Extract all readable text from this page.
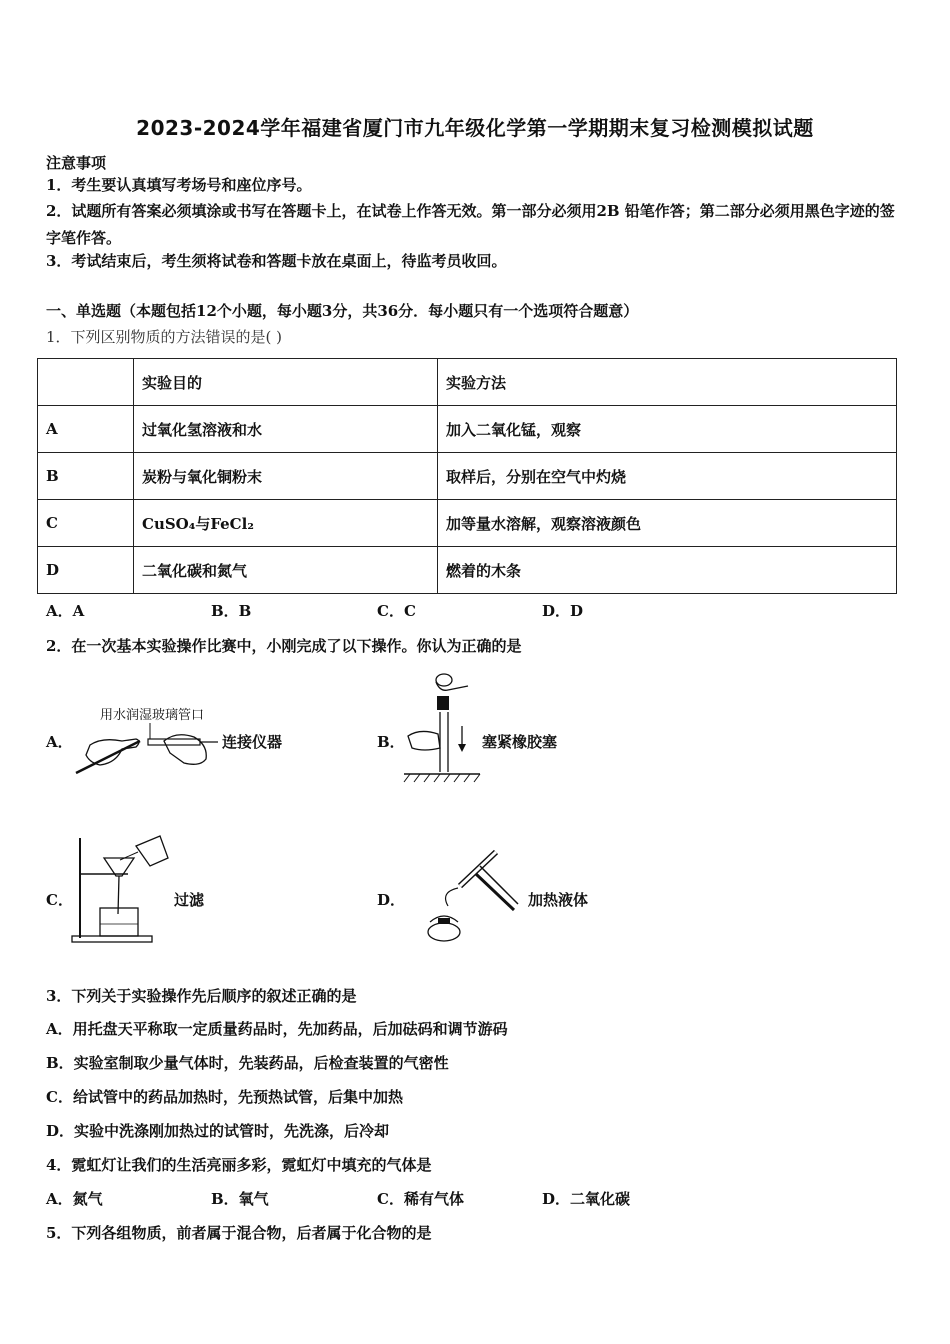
2023-2024学年福建省厦门市九年级化学第一学期期末复习检测模拟试题
注意事项
1．考生要认真填写考场号和座位序号。
2．试题所有答案必须填涂或书写在答题卡上，在试卷上作答无效。第一部分必须用2B 铅笔作答；第二部分必须用黑色字迹的签字笔作答。
3．考试结束后，考生须将试卷和答题卡放在桌面上，待监考员收回。
一、单选题（本题包括12个小题，每小题3分，共36分．每小题只有一个选项符合题意）
1．下列区别物质的方法错误的是( )
	实验目的	实验方法
A	过氧化氢溶液和水	加入二氧化锰，观察
B	炭粉与氧化铜粉末	取样后，分别在空气中灼烧
C	CuSO₄与FeCl₂	加等量水溶解，观察溶液颜色
D	二氧化碳和氮气	燃着的木条
A．A	B．B	C．C	D．D
2．在一次基本实验操作比赛中，小刚完成了以下操作。你认为正确的是
A．
用水润湿玻璃管口
连接仪器	B．	塞紧橡胶塞
C．	过滤	D．	加热液体
3．下列关于实验操作先后顺序的叙述正确的是
A．用托盘天平称取一定质量药品时，先加药品，后加砝码和调节游码
B．实验室制取少量气体时，先装药品，后检查装置的气密性
C．给试管中的药品加热时，先预热试管，后集中加热
D．实验中洗涤刚加热过的试管时，先洗涤，后冷却
4．霓虹灯让我们的生活亮丽多彩，霓虹灯中填充的气体是
A．氮气	B．氧气	C．稀有气体	D．二氧化碳
5．下列各组物质，前者属于混合物，后者属于化合物的是
